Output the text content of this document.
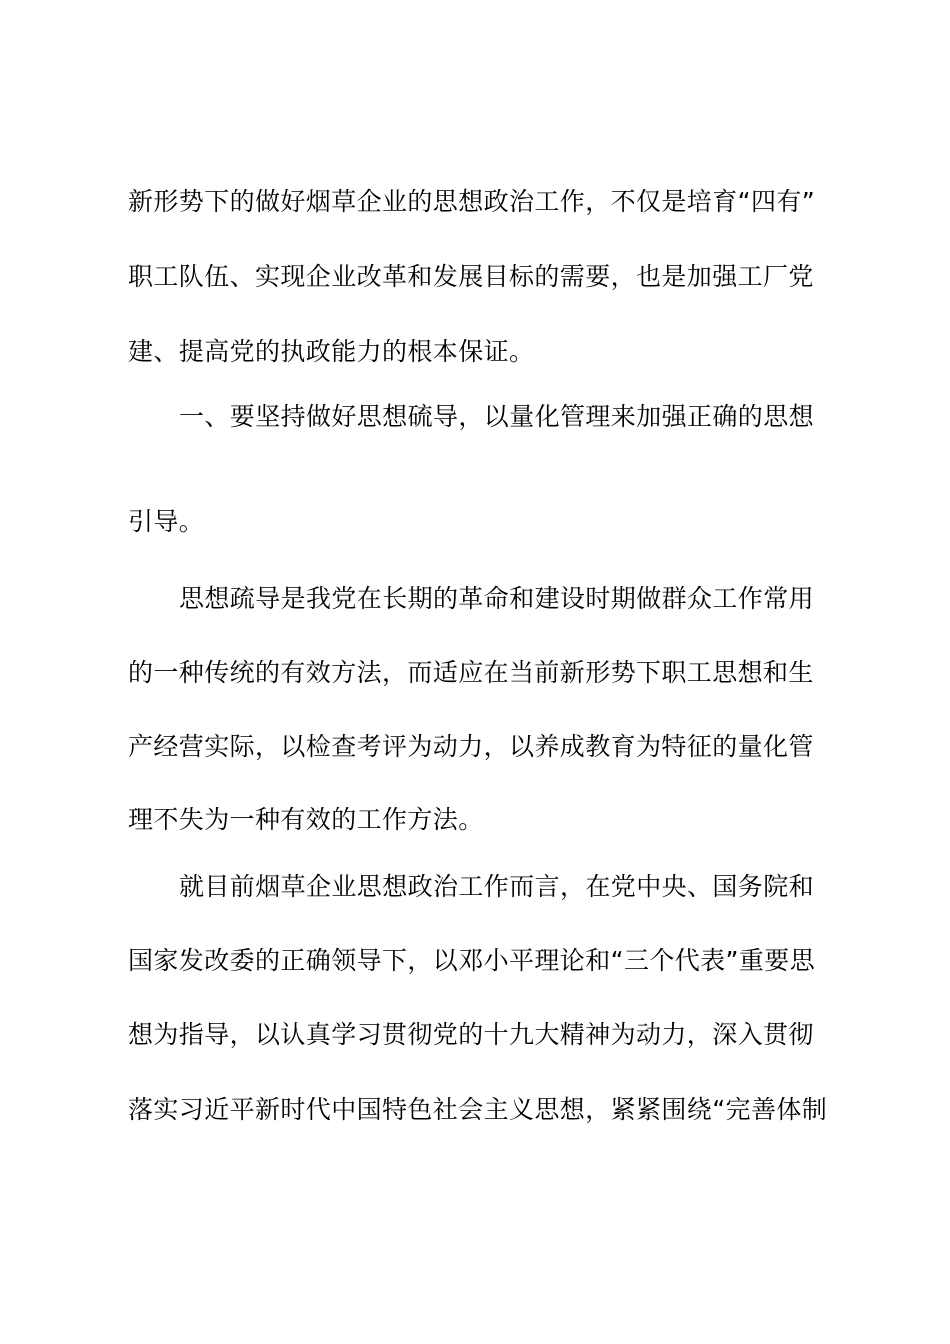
新形势下的做好烟草企业的思想政治工作，不仅是培育“四有”
职工队伍、实现企业改革和发展目标的需要，也是加强工厂党
建、提高党的执政能力的根本保证。
一、要坚持做好思想硫导，以量化管理来加强正确的思想
引导。
思想疏导是我党在长期的革命和建设时期做群众工作常用
的一种传统的有效方法，而适应在当前新形势下职工思想和生
产经营实际，以检查考评为动力，以养成教育为特征的量化管
理不失为一种有效的工作方法。
就目前烟草企业思想政治工作而言，在党中央、国务院和
国家发改委的正确领导下，以邓小平理论和“三个代表”重要思
想为指导，以认真学习贯彻党的十九大精神为动力，深入贯彻
落实习近平新时代中国特色社会主义思想，紧紧围绕“完善体制
